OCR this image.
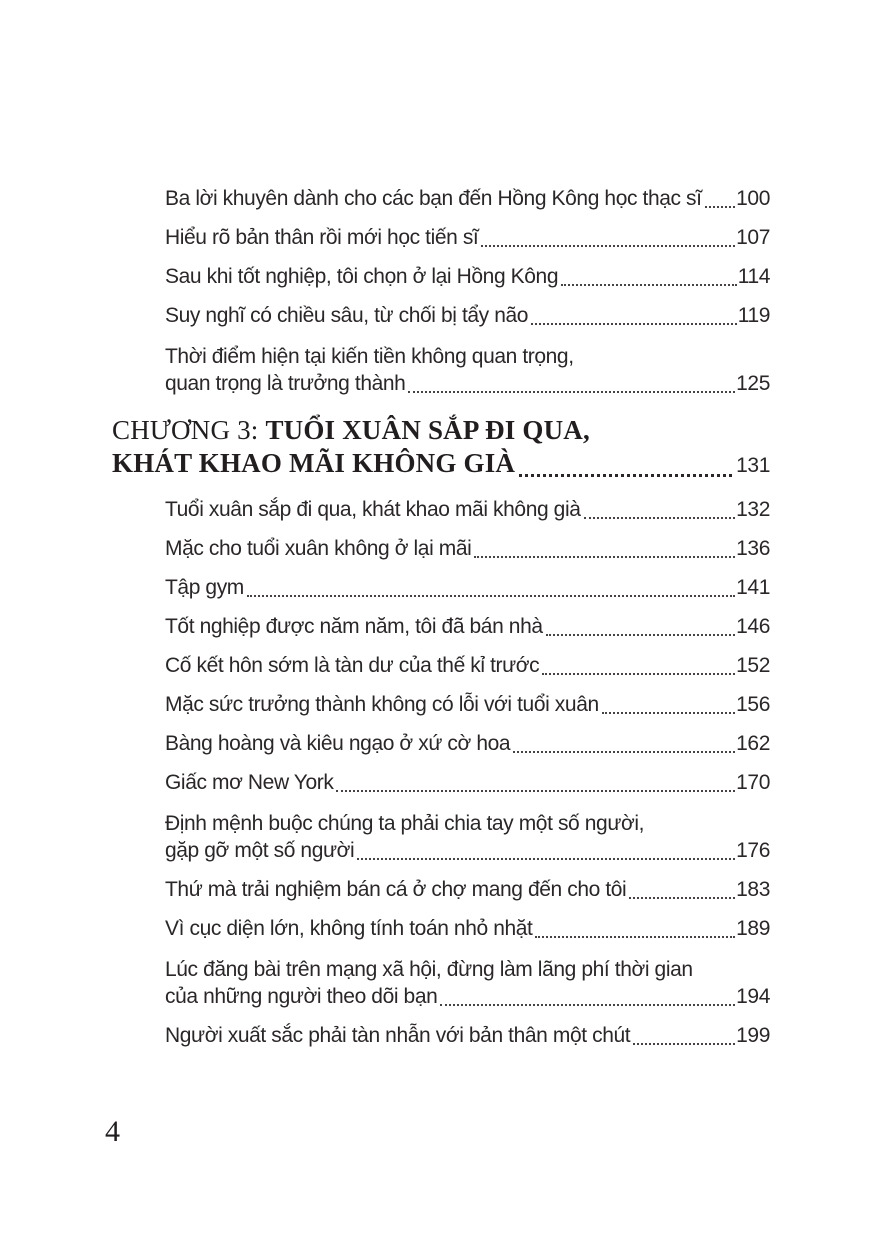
Ba lời khuyên dành cho các bạn đến Hồng Kông học thạc sĩ 100
Hiểu rõ bản thân rồi mới học tiến sĩ	107
Sau khi tốt nghiệp, tôi chọn ở lại Hồng Kông	114
Suy nghĩ có chiều sâu, từ chối bị tẩy não	119
Thời điểm hiện tại kiến tiền không quan trọng,
quan trọng là trưởng thành	125
CHƯƠNG 3: TUỔI XUÂN SẮP ĐI QUA,
KHÁT KHAO MÃI KHÔNG GIÀ	131
Tuổi xuân sắp đi qua, khát khao mãi không già	132
Mặc cho tuổi xuân không ở lại mãi	136
Tập gym	141
Tốt nghiệp được năm năm, tôi đã bán nhà	146
Cố kết hôn sớm là tàn dư của thế kỉ trước	152
Mặc sức trưởng thành không có lỗi với tuổi xuân	156
Bàng hoàng và kiêu ngạo ở xứ cờ hoa	162
Giấc mơ New York	170
Định mệnh buộc chúng ta phải chia tay một số người,
gặp gỡ một số người	176
Thứ mà trải nghiệm bán cá ở chợ mang đến cho tôi	183
Vì cục diện lớn, không tính toán nhỏ nhặt	189
Lúc đăng bài trên mạng xã hội, đừng làm lãng phí thời gian
của những người theo dõi bạn	194
Người xuất sắc phải tàn nhẫn với bản thân một chút	199
4
